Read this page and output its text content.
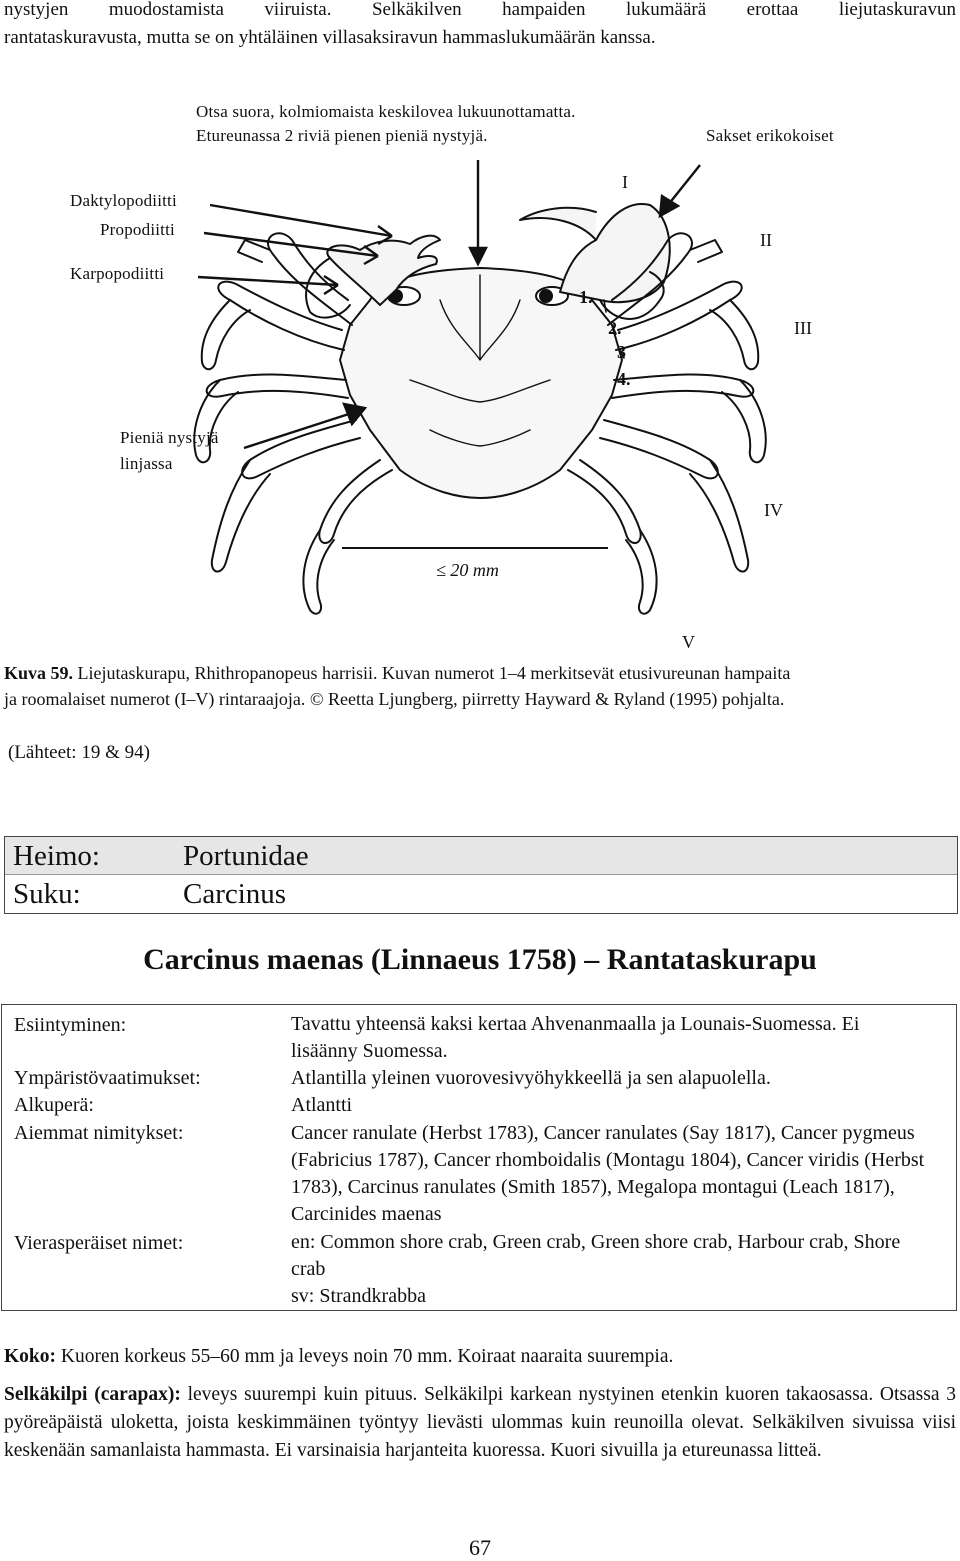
nystyjen muodostamista viiruista. Selkäkilven hampaiden lukumäärä erottaa liejutaskuravun
rantataskuravusta, mutta se on yhtäläinen villasaksiravun hammaslukumäärän kanssa.
Otsa suora, kolmiomaista keskilovea lukuunottamatta.
Etureunassa 2 riviä pienen pieniä nystyjä.	Sakset erikokoiset
Daktylopodiitti
Propodiitti
Karpopodiitti
Pieniä nystyjä
linjassa
I
II
III
IV
V
1.
2.
3
4.
≤ 20 mm
Kuva 59. Liejutaskurapu, Rhithropanopeus harrisii. Kuvan numerot 1–4 merkitsevät etusivureunan hampaita
ja roomalaiset numerot (I–V) rintaraajoja. © Reetta Ljungberg, piirretty Hayward & Ryland (1995) pohjalta.
(Lähteet: 19 & 94)
Heimo:	Portunidae
Suku:	Carcinus
Carcinus maenas (Linnaeus 1758) – Rantataskurapu
Esiintyminen:	Tavattu yhteensä kaksi kertaa Ahvenanmaalla ja Lounais-Suomessa. Ei lisäänny Suomessa.
Ympäristövaatimukset:	Atlantilla yleinen vuorovesivyöhykkeellä ja sen alapuolella.
Alkuperä:	Atlantti
Aiemmat nimitykset:	Cancer ranulate (Herbst 1783), Cancer ranulates (Say 1817), Cancer pygmeus (Fabricius 1787), Cancer rhomboidalis (Montagu 1804), Cancer viridis (Herbst 1783), Carcinus ranulates (Smith 1857), Megalopa montagui (Leach 1817), Carcinides maenas
Vierasperäiset nimet:	en: Common shore crab, Green crab, Green shore crab, Harbour crab, Shore crab
sv: Strandkrabba
Koko: Kuoren korkeus 55–60 mm ja leveys noin 70 mm. Koiraat naaraita suurempia.
Selkäkilpi (carapax): leveys suurempi kuin pituus. Selkäkilpi karkean nystyinen etenkin kuoren takaosassa. Otsassa 3 pyöreäpäistä uloketta, joista keskimmäinen työntyy lievästi ulommas kuin reunoilla olevat. Selkäkilven sivuissa viisi keskenään samanlaista hammasta. Ei varsinaisia harjanteita kuoressa. Kuori sivuilla ja etureunassa litteä.
67
